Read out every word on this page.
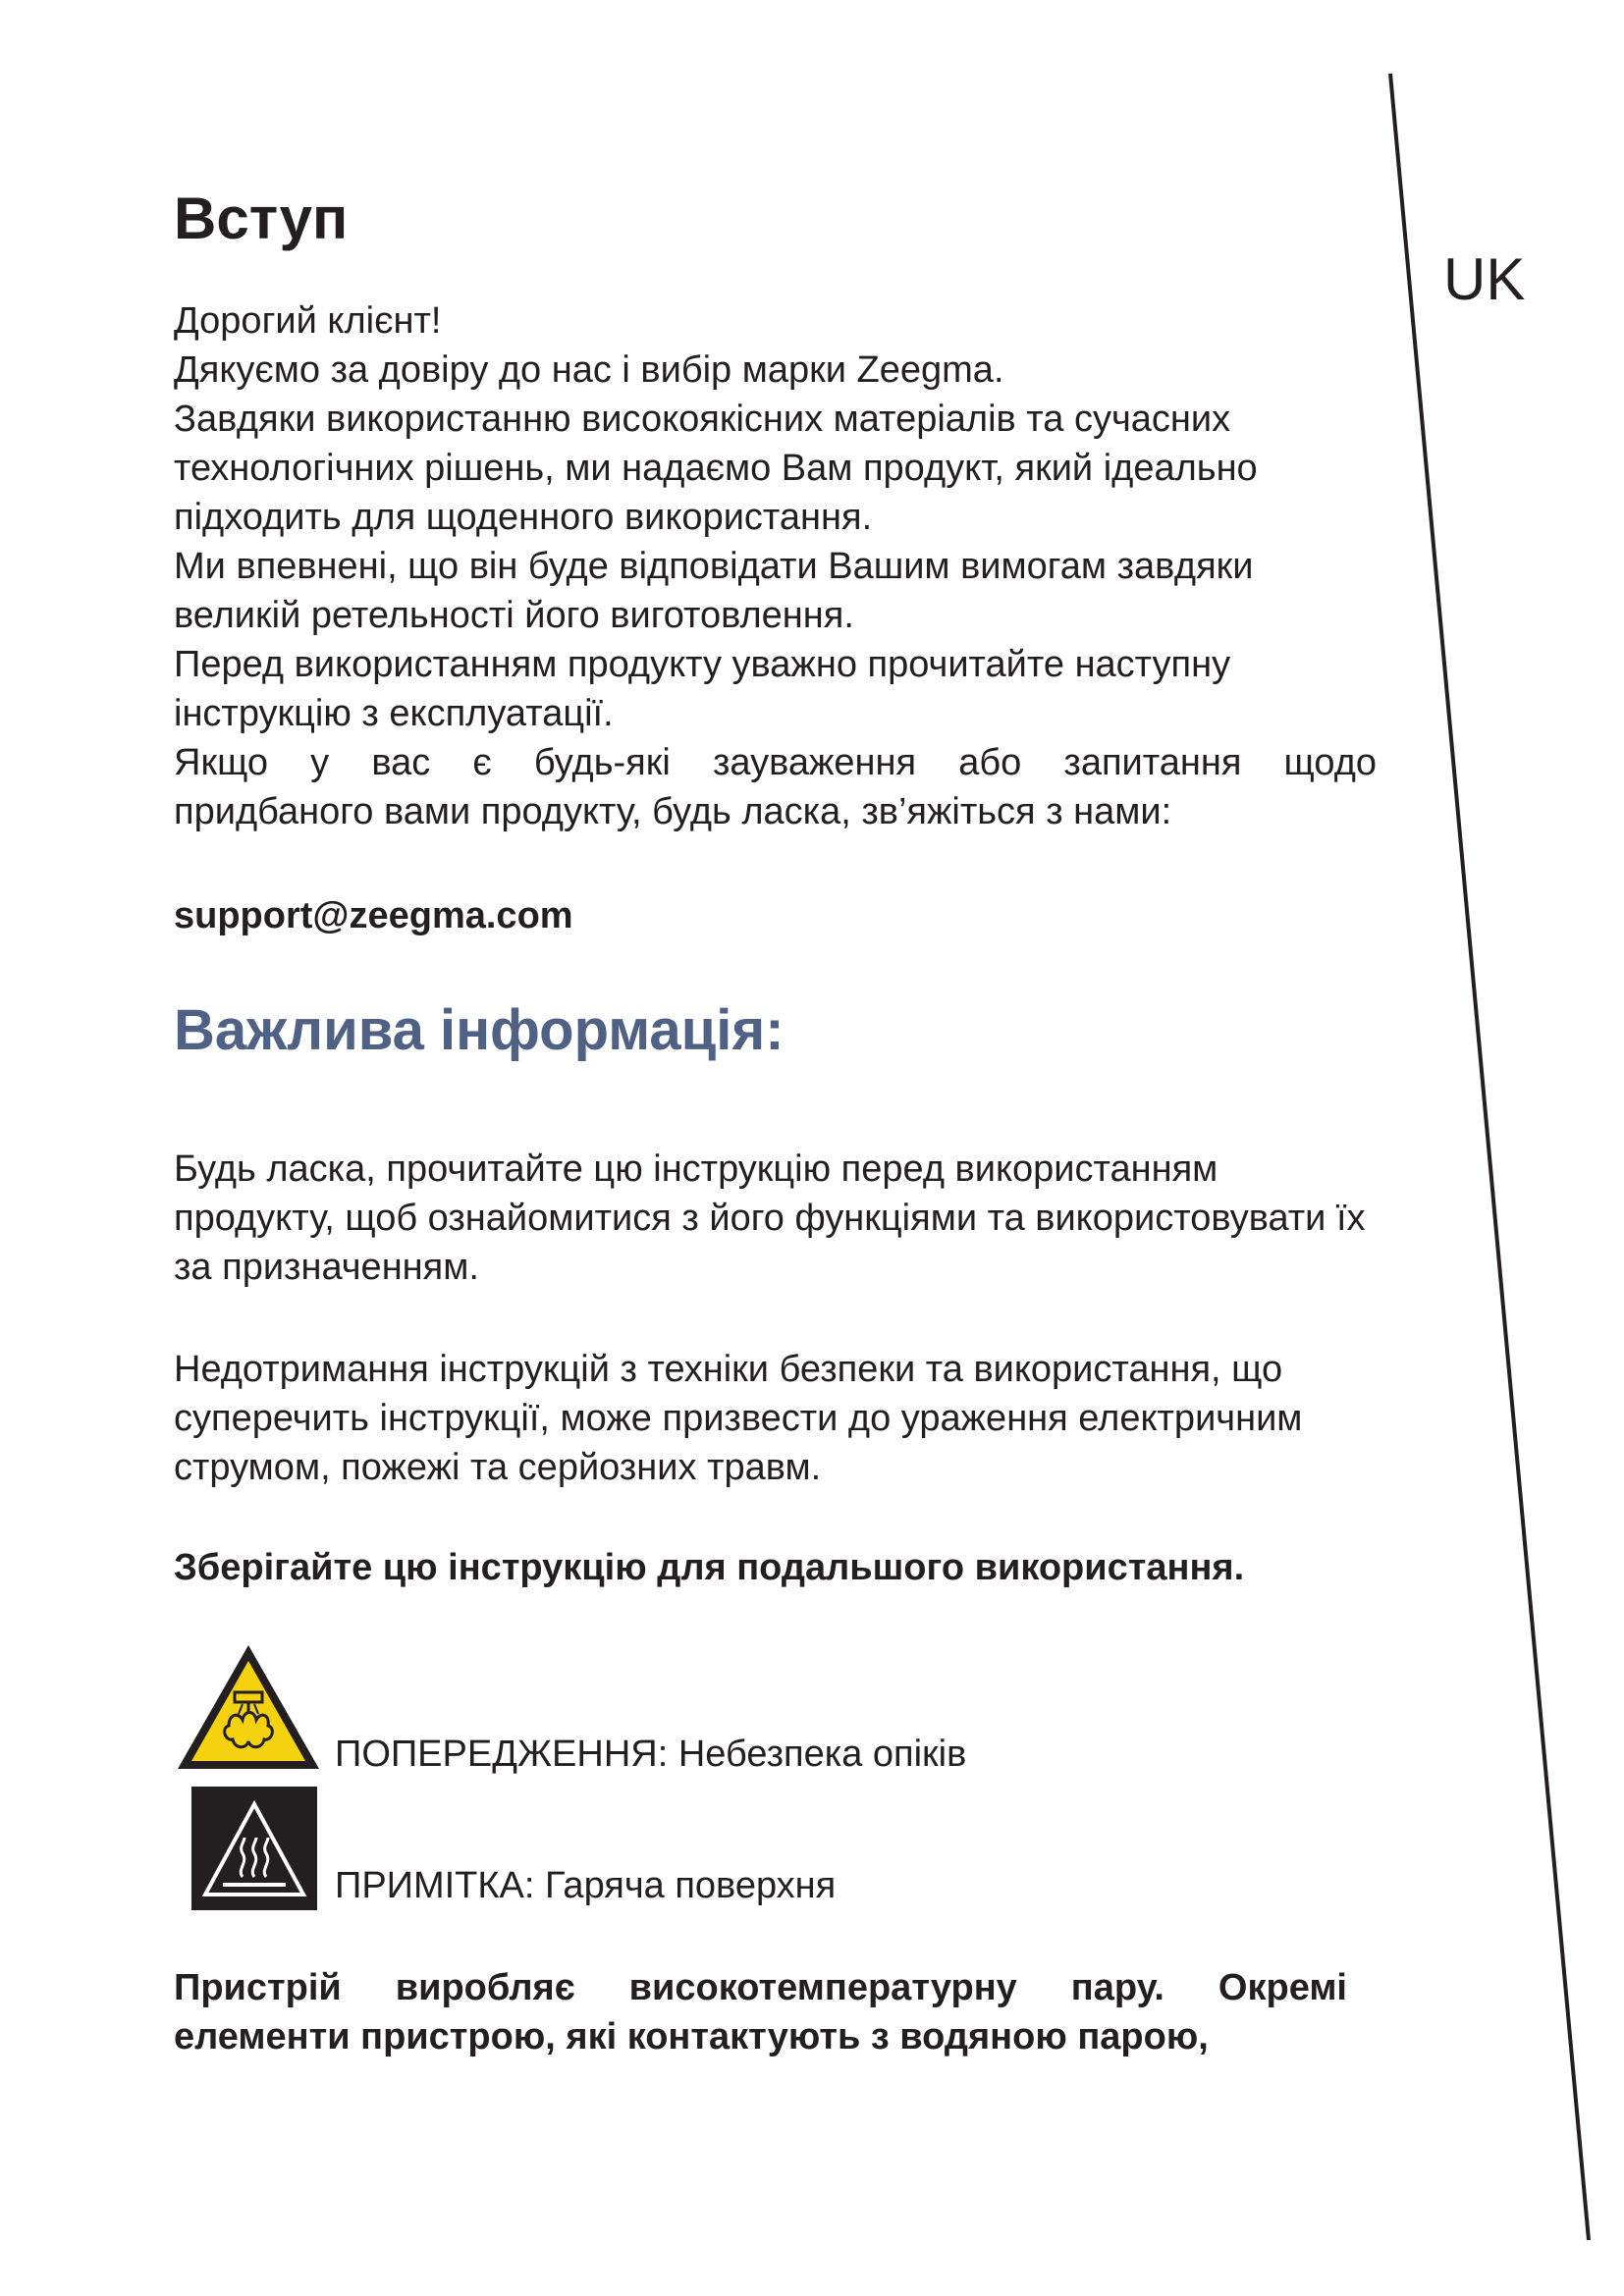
UK
Вступ

Дорогий клієнт!

Дякуємо за довіру до нас і вибір марки Zeegma.

Завдяки використанню високоякісних матеріалів та сучасних

технологічних рішень, ми надаємо Вам продукт, який ідеально

підходить для щоденного використання.

Ми впевнені, що він буде відповідати Вашим вимогам завдяки

великій ретельності його виготовлення.

Перед використанням продукту уважно прочитайте наступну

інструкцію з експлуатації.

Якщо у вас є будь-які зауваження або запитання щодо

придбаного вами продукту, будь ласка, зв’яжіться з нами:

support@zeegma.com
Важлива інформація:

Будь ласка, прочитайте цю інструкцію перед використанням продукту, щоб ознайомитися з його функціями та використовувати їх за призначенням.

Недотримання інструкцій з техніки безпеки та використання, що суперечить інструкції, може призвести до ураження електричним струмом, пожежі та серйозних травм.

Зберігайте цю інструкцію для подальшого використання.
ПОПЕРЕДЖЕННЯ: Небезпека опіків
ПРИМІТКА: Гаряча поверхня

Пристрій виробляє високотемпературну пару. Окремі елементи пристрою, які контактують з водяною парою,
